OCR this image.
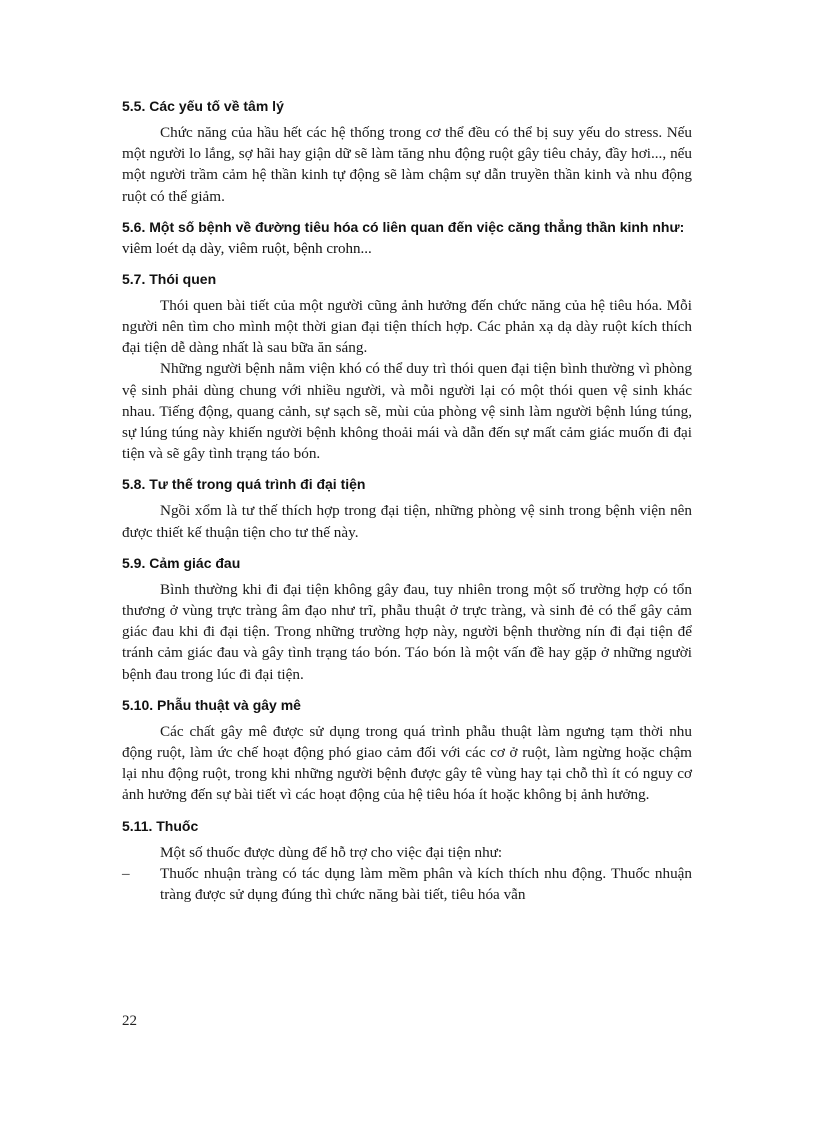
5.5. Các yếu tố về tâm lý

Chức năng của hầu hết các hệ thống trong cơ thể đều có thể bị suy yếu do stress. Nếu một người lo lắng, sợ hãi hay giận dữ sẽ làm tăng nhu động ruột gây tiêu chảy, đầy hơi..., nếu một người trầm cảm hệ thần kinh tự động sẽ làm chậm sự dẫn truyền thần kinh và nhu động ruột có thể giảm.

5.6. Một số bệnh về đường tiêu hóa có liên quan đến việc căng thẳng thần kinh như: viêm loét dạ dày, viêm ruột, bệnh crohn...
5.7. Thói quen

Thói quen bài tiết của một người cũng ảnh hưởng đến chức năng của hệ tiêu hóa. Mỗi người nên tìm cho mình một thời gian đại tiện thích hợp. Các phản xạ dạ dày ruột kích thích đại tiện dễ dàng nhất là sau bữa ăn sáng.

Những người bệnh nằm viện khó có thể duy trì thói quen đại tiện bình thường vì phòng vệ sinh phải dùng chung với nhiều người, và mỗi người lại có một thói quen vệ sinh khác nhau. Tiếng động, quang cảnh, sự sạch sẽ, mùi của phòng vệ sinh làm người bệnh lúng túng, sự lúng túng này khiến người bệnh không thoải mái và dẫn đến sự mất cảm giác muốn đi đại tiện và sẽ gây tình trạng táo bón.

5.8. Tư thế trong quá trình đi đại tiện

Ngồi xổm là tư thế thích hợp trong đại tiện, những phòng vệ sinh trong bệnh viện nên được thiết kế thuận tiện cho tư thế này.

5.9. Cảm giác đau

Bình thường khi đi đại tiện không gây đau, tuy nhiên trong một số trường hợp có tổn thương ở vùng trực tràng âm đạo như trĩ, phẫu thuật ở trực tràng, và sinh đẻ có thể gây cảm giác đau khi đi đại tiện. Trong những trường hợp này, người bệnh thường nín đi đại tiện để tránh cảm giác đau và gây tình trạng táo bón. Táo bón là một vấn đề hay gặp ở những người bệnh đau trong lúc đi đại tiện.

5.10. Phẫu thuật và gây mê

Các chất gây mê được sử dụng trong quá trình phẫu thuật làm ngưng tạm thời nhu động ruột, làm ức chế hoạt động phó giao cảm đối với các cơ ở ruột, làm ngừng hoặc chậm lại nhu động ruột, trong khi những người bệnh được gây tê vùng hay tại chỗ thì ít có nguy cơ ảnh hưởng đến sự bài tiết vì các hoạt động của hệ tiêu hóa ít hoặc không bị ảnh hưởng.

5.11. Thuốc

Một số thuốc được dùng để hỗ trợ cho việc đại tiện như:

– Thuốc nhuận tràng có tác dụng làm mềm phân và kích thích nhu động. Thuốc nhuận tràng được sử dụng đúng thì chức năng bài tiết, tiêu hóa vẫn
22
